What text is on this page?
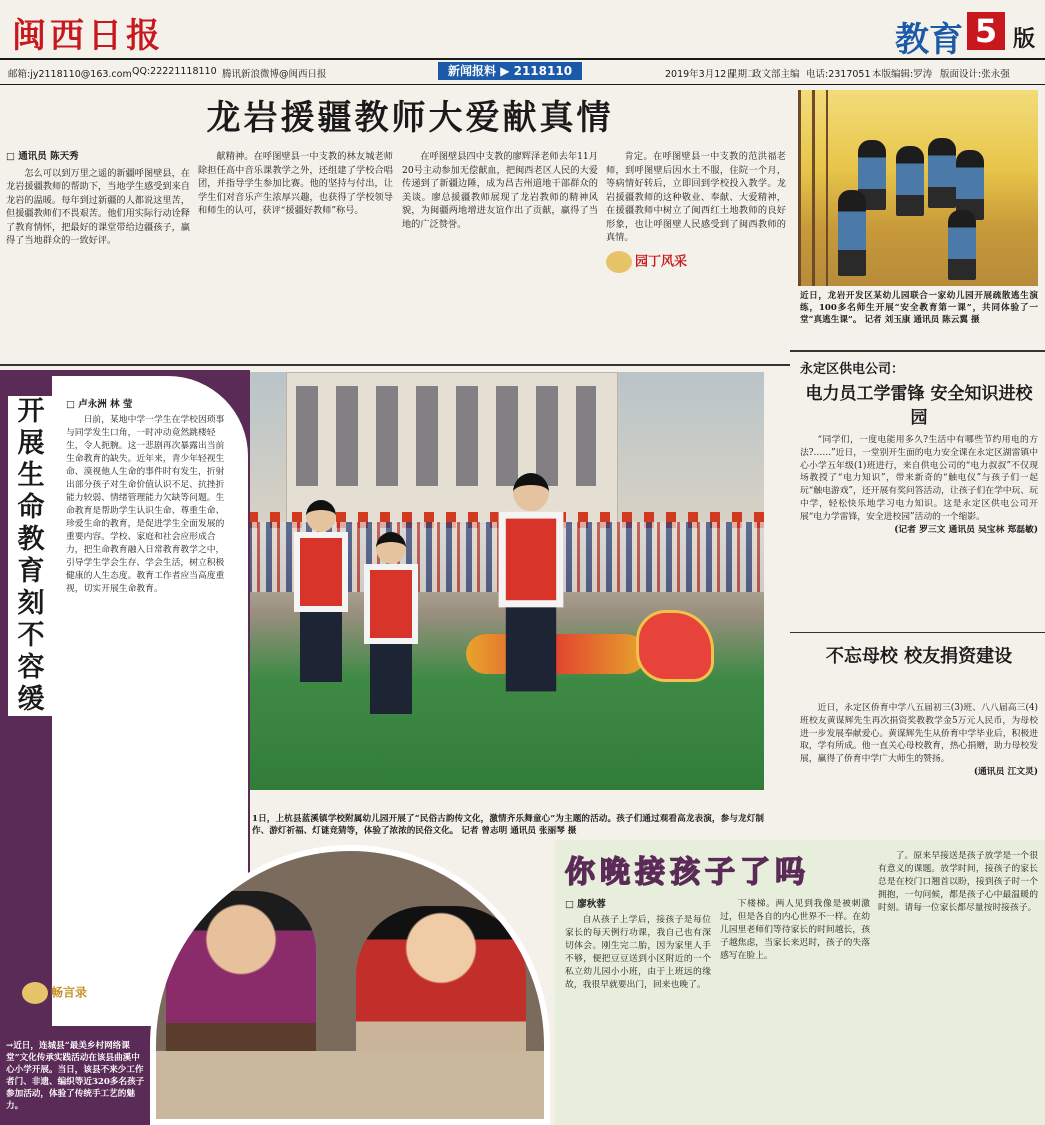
闽西日报	教育 5 版
邮箱:jy2118110@163.com QQ:22221118110 腾讯新浪微博@闽西日报	新闻报料 ▶ 2118110	2019年3月12日
星期二
政文部主编 电话:2317051 本版编辑:罗涛 版面设计:张永强
龙岩援疆教师大爱献真情
□ 通讯员 陈天秀

怎么可以到万里之遥的新疆呼图壁县，在龙岩援疆教师的帮助下，当地学生感受到来自龙岩的温暖。每年到过新疆的人都说这里苦，但援疆教师们不畏艰苦。他们用实际行动诠释了教育情怀，把最好的课堂带给边疆孩子，赢得了当地群众的一致好评。

献精神。在呼图壁县一中支教的林友城老师除担任高中音乐课教学之外，还组建了学校合唱团，并指导学生参加比赛。他的坚持与付出，让学生们对音乐产生浓厚兴趣，也获得了学校领导和师生的认可，获评“援疆好教师”称号。

在呼图壁县四中支教的廖辉泽老师去年11月20号主动参加无偿献血，把闽西老区人民的大爱传递到了新疆边陲，成为昌吉州道地干部群众的美谈。廖总援疆教师展现了龙岩教师的精神风貌，为闽疆两地增进友谊作出了贡献，赢得了当地的广泛赞誉。

肯定。在呼图壁县一中支教的范洪福老师，到呼图壁后因水土不服，住院一个月，等病情好转后，立即回到学校投入教学。龙岩援疆教师的这种敬业、奉献、大爱精神，在援疆教师中树立了闽西红土地教师的良好形象，也让呼图壁人民感受到了闽西教师的真情。

园丁风采
近日，龙岩开发区某幼儿园联合一家幼儿园开展疏散逃生演练，100多名师生开展“安全教育第一课”，共同体验了一堂“真逃生课”。 记者 刘玉康 通讯员 陈云翼 摄
永定区供电公司：
电力员工学雷锋 安全知识进校园

“同学们，一度电能用多久?生活中有哪些节约用电的方法?……”近日，一堂别开生面的电力安全课在永定区湖雷镇中心小学五年级(1)班进行，来自供电公司的“电力叔叔”不仅现场教授了“电力知识”，带来新奇的“触电仪”与孩子们一起玩“触电游戏”，还开展有奖问答活动，让孩子们在学中玩、玩中学，轻松快乐地学习电力知识。这是永定区供电公司开展“电力学雷锋，安全进校园”活动的一个缩影。

(记者 罗三文 通讯员 吴宝林 郑磊敏)
不忘母校 校友捐资建设

近日，永定区侨育中学八五届初三(3)班、八八届高三(4)班校友黄谋辉先生再次捐资奖教教学金5万元人民币，为母校进一步发展奉献爱心。黄谋辉先生从侨育中学毕业后，积极进取，学有所成。他一直关心母校教育，热心捐赠，助力母校发展，赢得了侨育中学广大师生的赞扬。

(通讯员 江文灵)
1日，上杭县蓝溪镇学校附属幼儿园开展了“民俗古韵传文化，激情齐乐舞童心”为主题的活动。孩子们通过观看高龙表演，参与龙灯制作、游灯祈福、灯谜竞猜等，体验了浓浓的民俗文化。 记者 曾志明 通讯员 张丽琴 摄
开展生命教育刻不容缓
□ 卢永洲 林 莹

日前，某地中学一学生在学校因琐事与同学发生口角，一时冲动竟然跳楼轻生，令人扼腕。这一悲剧再次暴露出当前生命教育的缺失。近年来，青少年轻视生命、漠视他人生命的事件时有发生，折射出部分孩子对生命价值认识不足、抗挫折能力较弱、情绪管理能力欠缺等问题。生命教育是帮助学生认识生命、尊重生命、珍爱生命的教育，是促进学生全面发展的重要内容。学校、家庭和社会应形成合力，把生命教育融入日常教育教学之中，引导学生学会生存、学会生活，树立积极健康的人生态度。教育工作者应当高度重视，切实开展生命教育。

畅言录
→近日，连城县“最美乡村网络课堂”文化传承实践活动在该县曲溪中心小学开展。当日，该县不来少工作者门、非遗、编织等近320多名孩子参加活动，体验了传统手工艺的魅力。
你晚接孩子了吗
□ 廖秋蓉

自从孩子上学后，接孩子是每位家长的每天例行功课，我自己也有深切体会。刚生完二胎，因为家里人手不够，便把豆豆送到小区附近的一个私立幼儿园小小班，由于上班远的缘故，我很早就要出门，回来也晚了。

下楼梯。两人见到我像是被刺激过，但是各自的内心世界不一样。在幼儿园里老师们等待家长的时间越长，孩子越焦虑，当家长来迟时，孩子的失落感写在脸上。

了。原来早接送是孩子放学是一个很有意义的课题。放学时间，接孩子的家长总是在校门口翘首以盼，接到孩子时一个拥抱，一句问候，都是孩子心中最温暖的时刻。请每一位家长都尽量按时接孩子。
